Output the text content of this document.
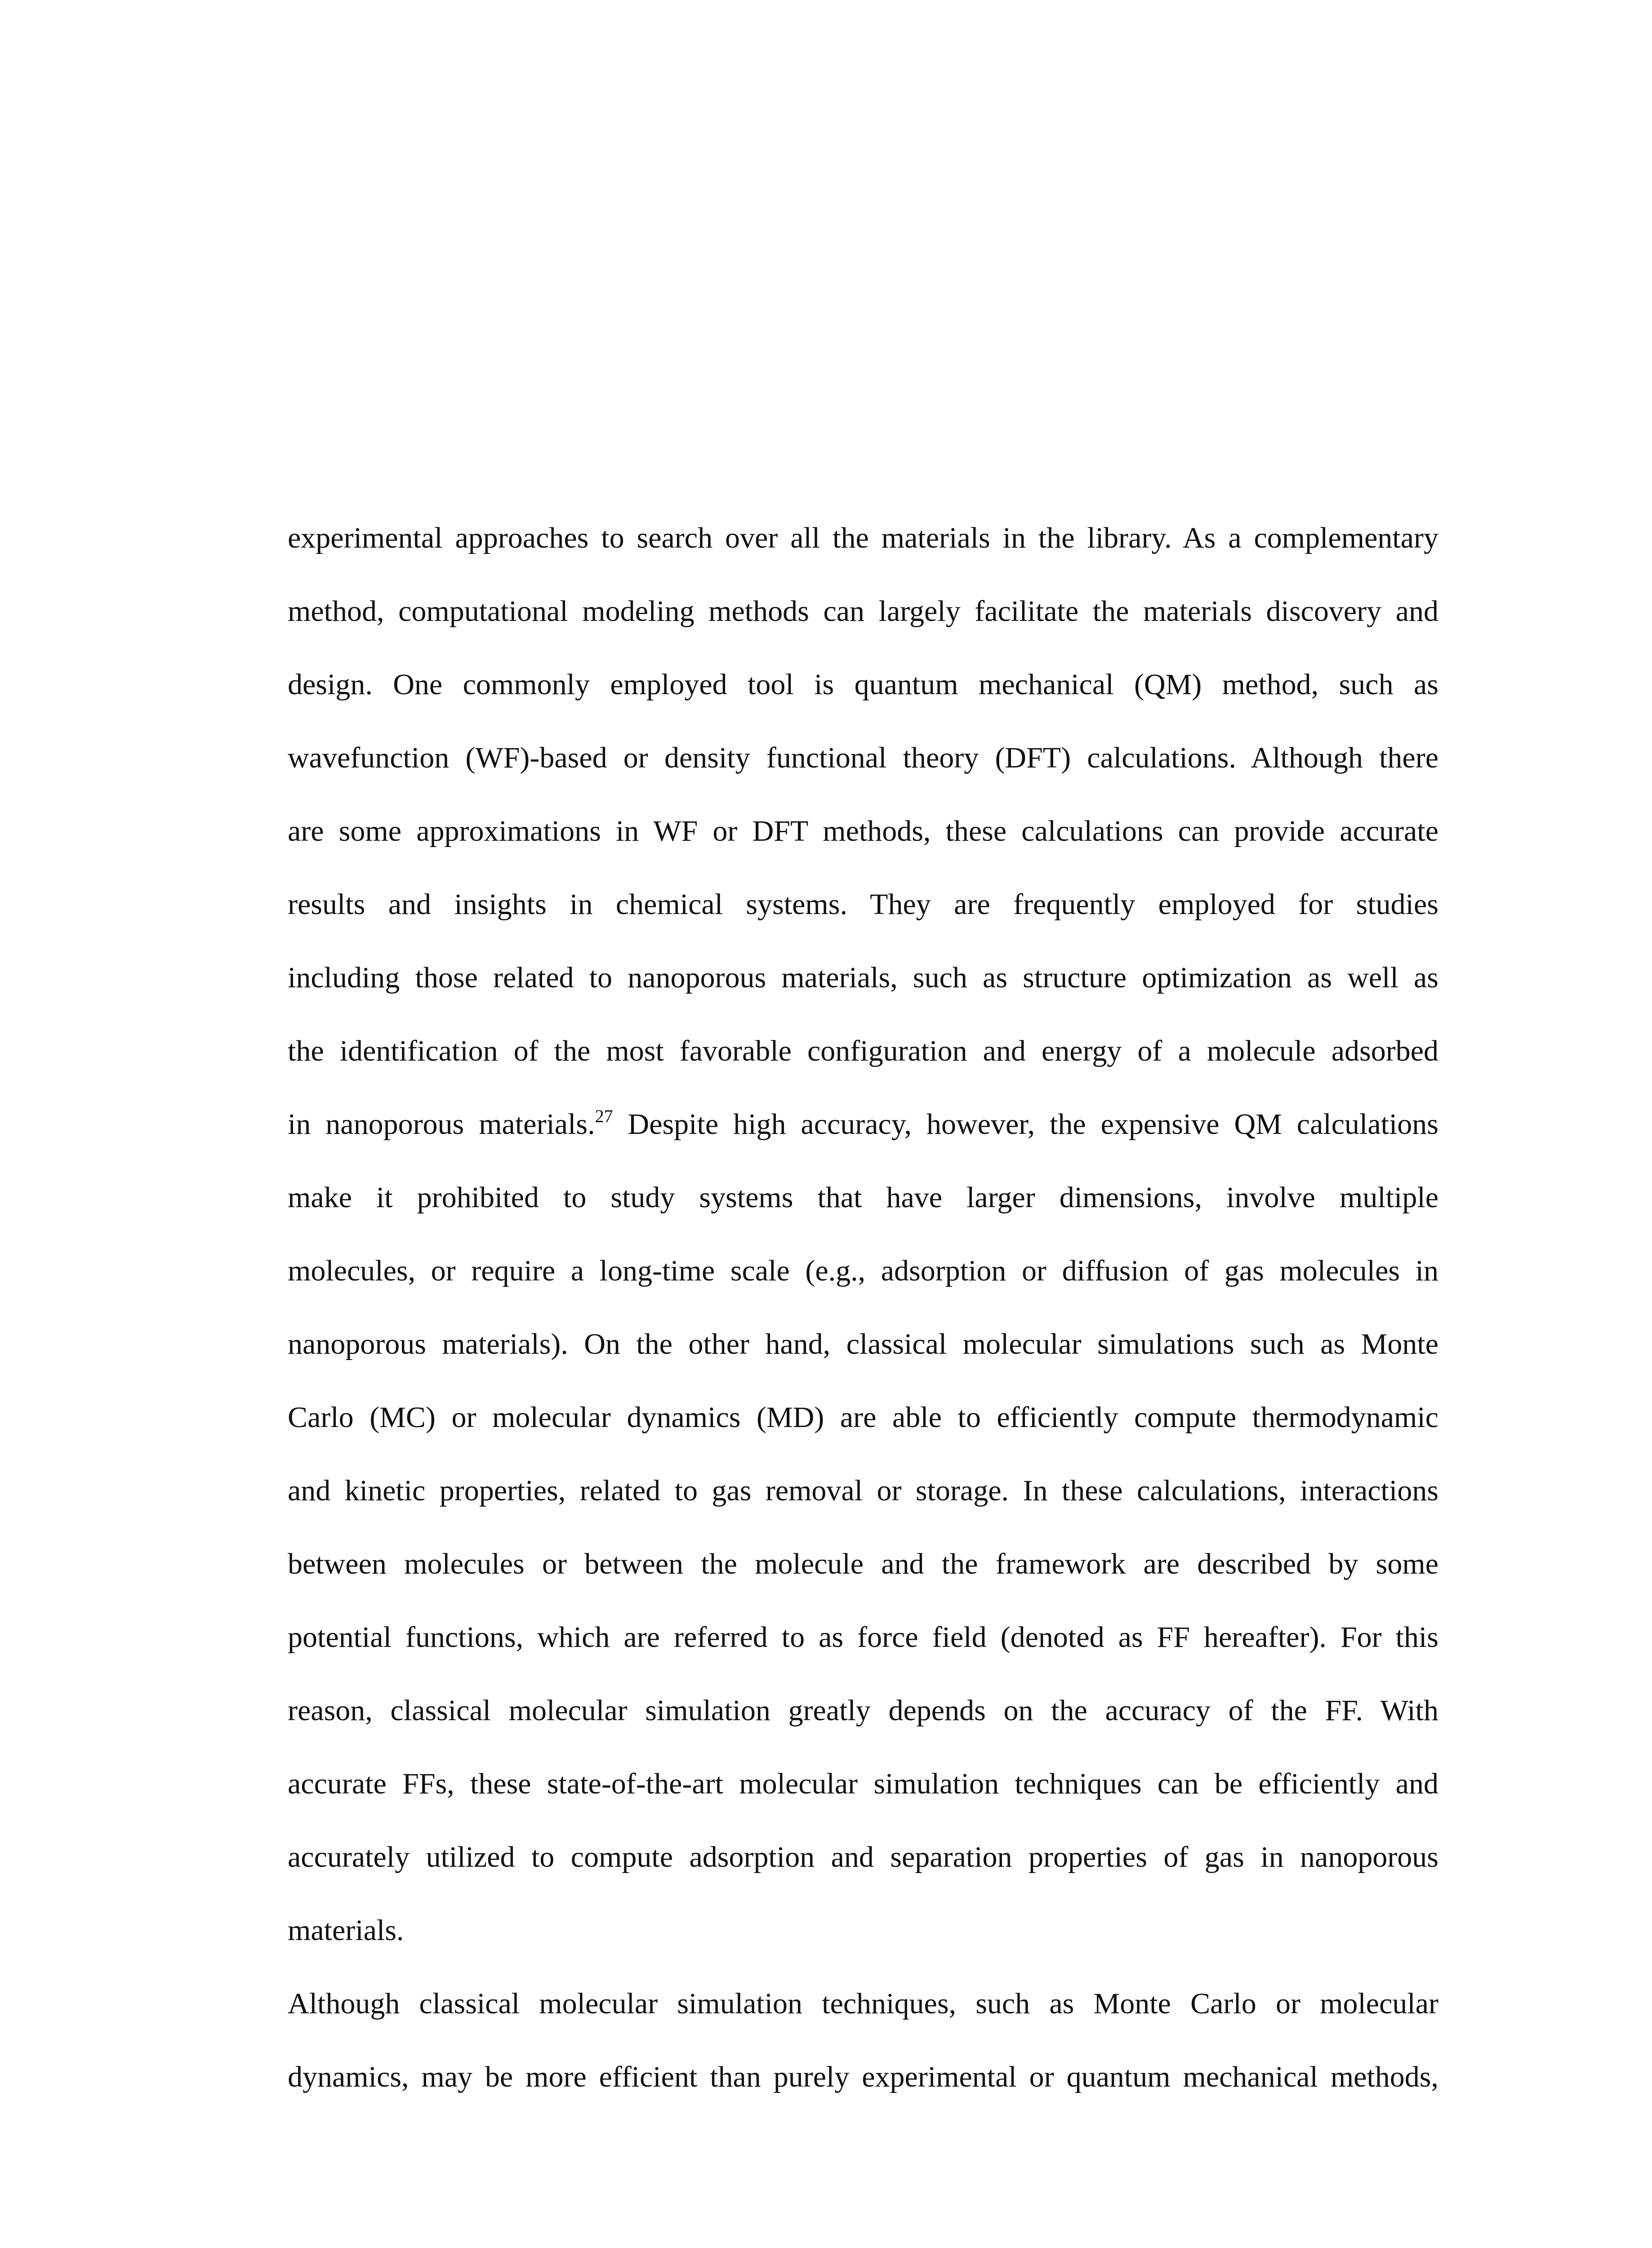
experimental approaches to search over all the materials in the library. As a complementary
method, computational modeling methods can largely facilitate the materials discovery and
design. One commonly employed tool is quantum mechanical (QM) method, such as
wavefunction (WF)-based or density functional theory (DFT) calculations. Although there
are some approximations in WF or DFT methods, these calculations can provide accurate
results and insights in chemical systems. They are frequently employed for studies
including those related to nanoporous materials, such as structure optimization as well as
the identification of the most favorable configuration and energy of a molecule adsorbed
in nanoporous materials.$^{27}$ Despite high accuracy, however, the expensive QM calculations
make it prohibited to study systems that have larger dimensions, involve multiple
molecules, or require a long-time scale (e.g., adsorption or diffusion of gas molecules in
nanoporous materials). On the other hand, classical molecular simulations such as Monte
Carlo (MC) or molecular dynamics (MD) are able to efficiently compute thermodynamic
and kinetic properties, related to gas removal or storage. In these calculations, interactions
between molecules or between the molecule and the framework are described by some
potential functions, which are referred to as force field (denoted as FF hereafter). For this
reason, classical molecular simulation greatly depends on the accuracy of the FF. With
accurate FFs, these state-of-the-art molecular simulation techniques can be efficiently and
accurately utilized to compute adsorption and separation properties of gas in nanoporous
materials.
Although classical molecular simulation techniques, such as Monte Carlo or molecular
dynamics, may be more efficient than purely experimental or quantum mechanical methods,
